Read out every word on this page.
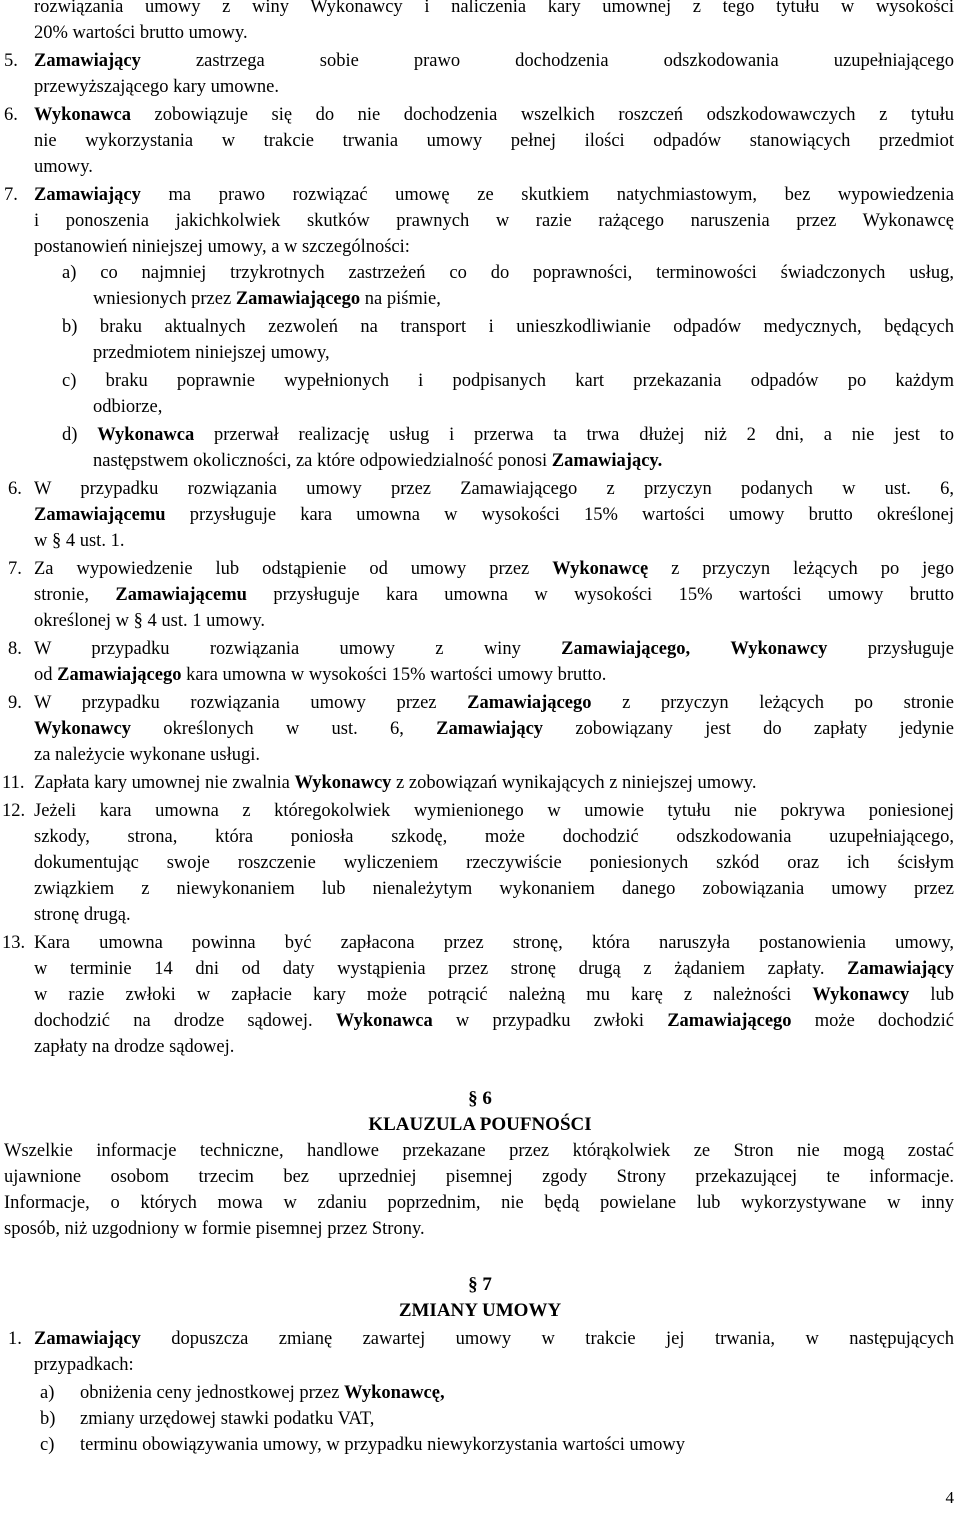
rozwiązania umowy z winy Wykonawcy i naliczenia kary umownej z tego tytułu w wysokości
20% wartości brutto umowy.
5. Zamawiający	zastrzega sobie prawo dochodzenia odszkodowania uzupełniającego
przewyższającego kary umowne.
6. Wykonawca zobowiązuje się do nie dochodzenia wszelkich roszczeń odszkodowawczych z tytułu
nie wykorzystania w trakcie trwania umowy pełnej ilości odpadów stanowiących przedmiot
umowy.
7. Zamawiający ma prawo rozwiązać umowę ze skutkiem natychmiastowym, bez wypowiedzenia
i ponoszenia jakichkolwiek skutków prawnych w razie rażącego naruszenia przez Wykonawcę
postanowień niniejszej umowy, a w szczególności:
a) co najmniej trzykrotnych zastrzeżeń co do poprawności, terminowości świadczonych usług,
wniesionych przez Zamawiającego na piśmie,
b) braku aktualnych zezwoleń na transport i unieszkodliwianie odpadów medycznych, będących
przedmiotem niniejszej umowy,
c) braku poprawnie wypełnionych i podpisanych kart przekazania odpadów po każdym
odbiorze,
d) Wykonawca przerwał realizację usług i przerwa ta trwa dłużej niż 2 dni, a nie jest to
następstwem okoliczności, za które odpowiedzialność ponosi Zamawiający.
6. W przypadku rozwiązania umowy przez Zamawiającego z przyczyn podanych w ust. 6,
Zamawiającemu przysługuje kara umowna w wysokości 15% wartości umowy brutto określonej
w § 4 ust. 1.
7. Za wypowiedzenie lub odstąpienie od umowy przez Wykonawcę z przyczyn leżących po jego
stronie, Zamawiającemu przysługuje kara umowna w wysokości 15% wartości umowy brutto
określonej w § 4 ust. 1 umowy.
8. W przypadku rozwiązania umowy z winy Zamawiającego, Wykonawcy przysługuje
od Zamawiającego kara umowna w wysokości 15% wartości umowy brutto.
9. W przypadku rozwiązania umowy przez Zamawiającego z przyczyn leżących po stronie
Wykonawcy określonych w ust. 6, Zamawiający zobowiązany jest do zapłaty jedynie
za należycie wykonane usługi.
11. Zapłata kary umownej nie zwalnia Wykonawcy z zobowiązań wynikających z niniejszej umowy.
12. Jeżeli kara umowna z któregokolwiek wymienionego w umowie tytułu nie pokrywa poniesionej
szkody, strona, która poniosła szkodę, może dochodzić odszkodowania uzupełniającego,
dokumentując swoje roszczenie wyliczeniem rzeczywiście poniesionych szkód oraz ich ścisłym
związkiem z niewykonaniem lub nienależytym wykonaniem danego zobowiązania umowy przez
stronę drugą.
13. Kara umowna powinna być zapłacona przez stronę, która naruszyła postanowienia umowy,
w terminie 14 dni od daty wystąpienia przez stronę drugą z żądaniem zapłaty. Zamawiający
w razie zwłoki w zapłacie kary może potrącić należną mu karę z należności Wykonawcy lub
dochodzić na drodze sądowej. Wykonawca w przypadku zwłoki Zamawiającego może dochodzić
zapłaty na drodze sądowej.
§ 6
KLAUZULA POUFNOŚCI
Wszelkie informacje techniczne, handlowe przekazane przez którąkolwiek ze Stron nie mogą zostać
ujawnione osobom trzecim bez uprzedniej pisemnej zgody Strony przekazującej te informacje.
Informacje, o których mowa w zdaniu poprzednim, nie będą powielane lub wykorzystywane w inny
sposób, niż uzgodniony w formie pisemnej przez Strony.
§ 7
ZMIANY UMOWY
1. Zamawiający dopuszcza zmianę zawartej umowy w trakcie jej trwania, w następujących
przypadkach:
a) obniżenia ceny jednostkowej przez Wykonawcę,
b) zmiany urzędowej stawki podatku VAT,
c) terminu obowiązywania umowy, w przypadku niewykorzystania wartości umowy
4
